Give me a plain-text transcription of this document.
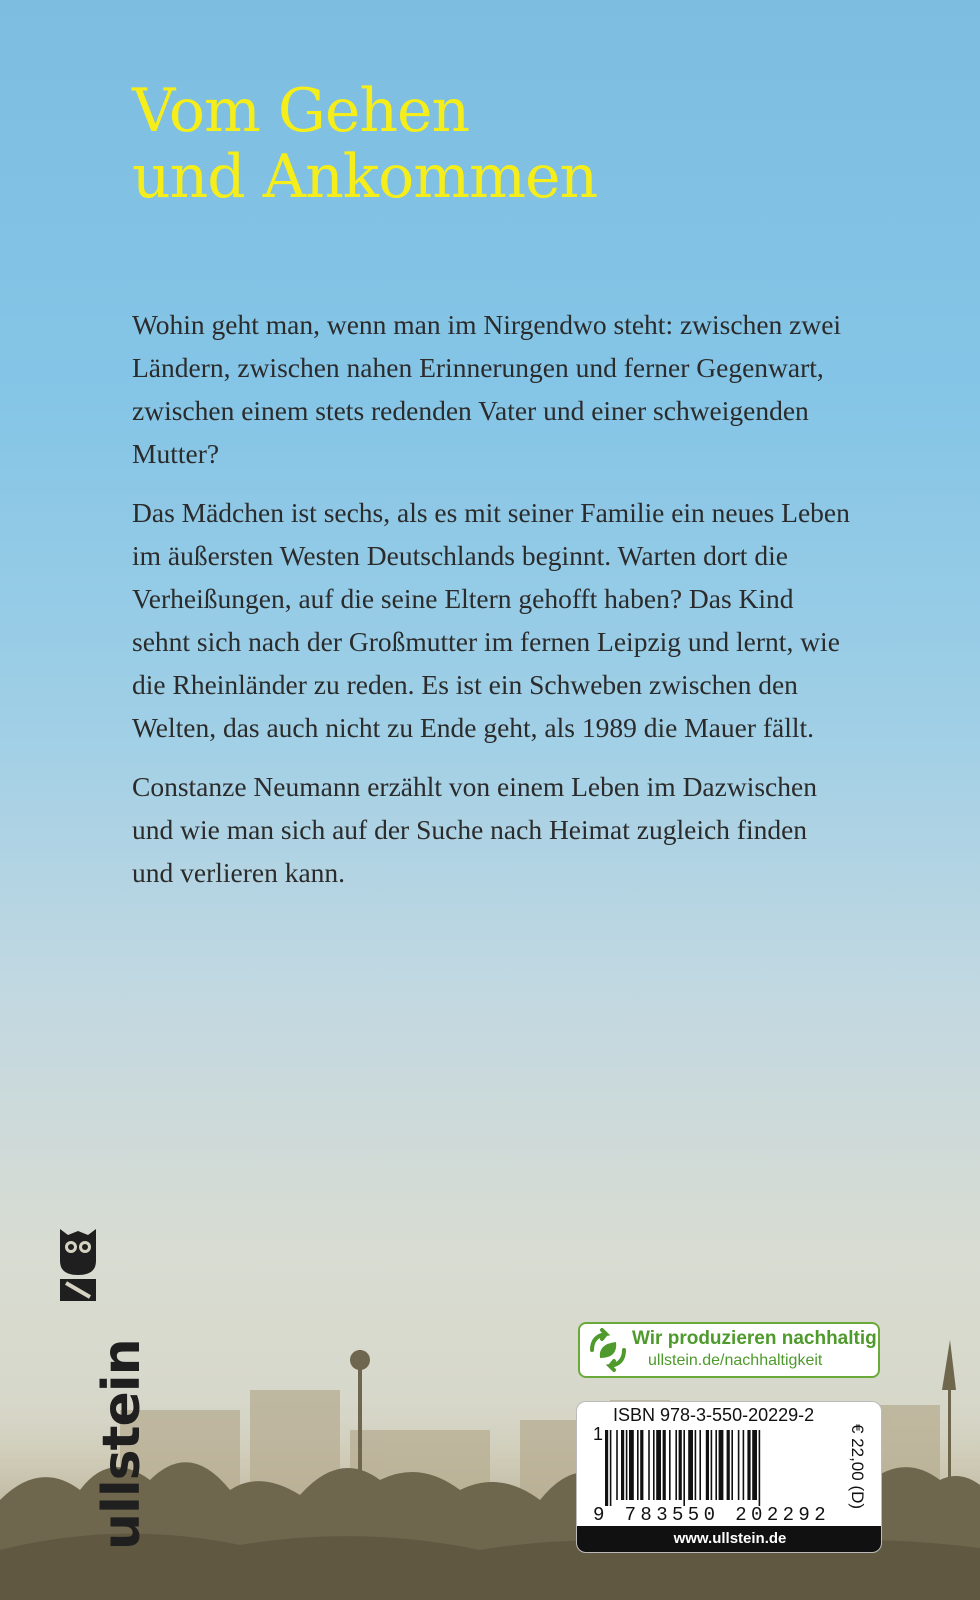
Vom Gehen
und Ankommen

Wohin geht man, wenn man im Nirgendwo steht: zwischen zwei Ländern, zwischen nahen Erinnerungen und ferner Gegenwart, zwischen einem stets redenden Vater und einer schweigenden Mutter?

Das Mädchen ist sechs, als es mit seiner Familie ein neues Leben im äußersten Westen Deutschlands beginnt. Warten dort die Verheißungen, auf die seine Eltern gehofft haben? Das Kind sehnt sich nach der Großmutter im fernen Leipzig und lernt, wie die Rheinländer zu reden. Es ist ein Schweben zwischen den Welten, das auch nicht zu Ende geht, als 1989 die Mauer fällt.

Constanze Neumann erzählt von einem Leben im Dazwischen und wie man sich auf der Suche nach Heimat zugleich finden und verlieren kann.

ullstein
Wir produzieren nachhaltig
ullstein.de/nachhaltigkeit
ISBN 978-3-550-20229-2
1
9 783550 202292
€ 22,00 (D)
www.ullstein.de
